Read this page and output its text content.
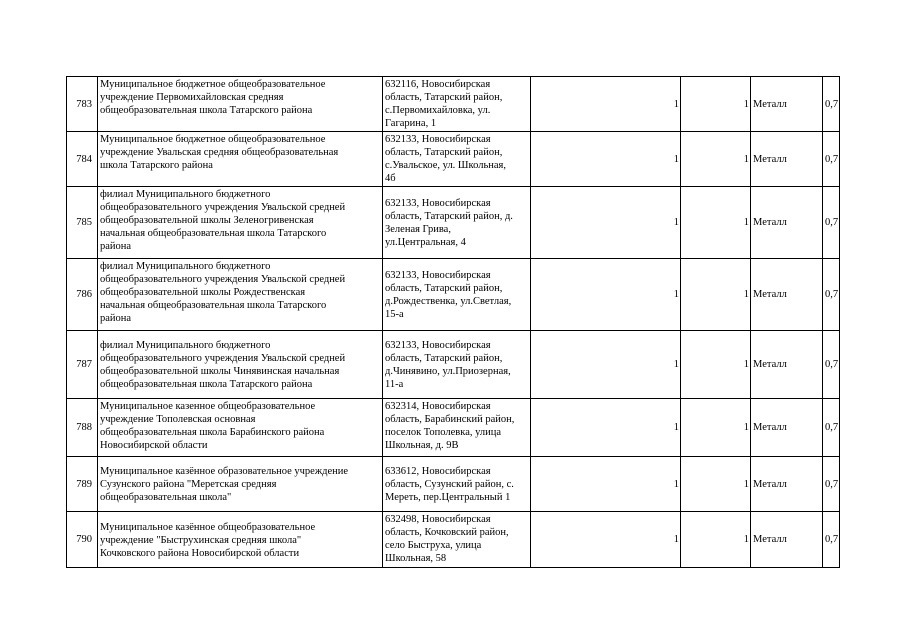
783	Муниципальное бюджетное общеобразовательное
учреждение Первомихайловская средняя
общеобразовательная школа Татарского района	632116, Новосибирская
область, Татарский район,
с.Первомихайловка, ул.
Гагарина, 1	1	1	Металл	0,7
784	Муниципальное бюджетное общеобразовательное
учреждение Увальская средняя общеобразовательная
школа Татарского района	632133, Новосибирская
область, Татарский район,
с.Увальское, ул. Школьная,
4б	1	1	Металл	0,7
785	филиал Муниципального бюджетного
общеобразовательного учреждения Увальской средней
общеобразовательной школы Зеленогривенская
начальная общеобразовательная школа Татарского
района	632133, Новосибирская
область, Татарский район, д.
Зеленая Грива,
ул.Центральная, 4	1	1	Металл	0,7
786	филиал Муниципального бюджетного
общеобразовательного учреждения Увальской средней
общеобразовательной школы Рождественская
начальная общеобразовательная школа Татарского
района	632133, Новосибирская
область, Татарский район,
д.Рождественка, ул.Светлая,
15-а	1	1	Металл	0,7
787	филиал Муниципального бюджетного
общеобразовательного учреждения Увальской средней
общеобразовательной школы Чинявинская начальная
общеобразовательная школа Татарского района	632133, Новосибирская
область, Татарский район,
д.Чинявино, ул.Приозерная,
11-а	1	1	Металл	0,7
788	Муниципальное казенное общеобразовательное
учреждение Тополевская основная
общеобразовательная школа Барабинского района
Новосибирской области	632314, Новосибирская
область, Барабинский район,
поселок Тополевка, улица
Школьная, д. 9В	1	1	Металл	0,7
789	Муниципальное казённое образовательное учреждение
Сузунского района "Меретская средняя
общеобразовательная школа"	633612, Новосибирская
область, Сузунский район, с.
Мереть, пер.Центральный 1	1	1	Металл	0,7
790	Муниципальное казённое общеобразовательное
учреждение "Быструхинская средняя школа"
Кочковского района Новосибирской области	632498, Новосибирская
область, Кочковский район,
село Быструха, улица
Школьная, 58	1	1	Металл	0,7
